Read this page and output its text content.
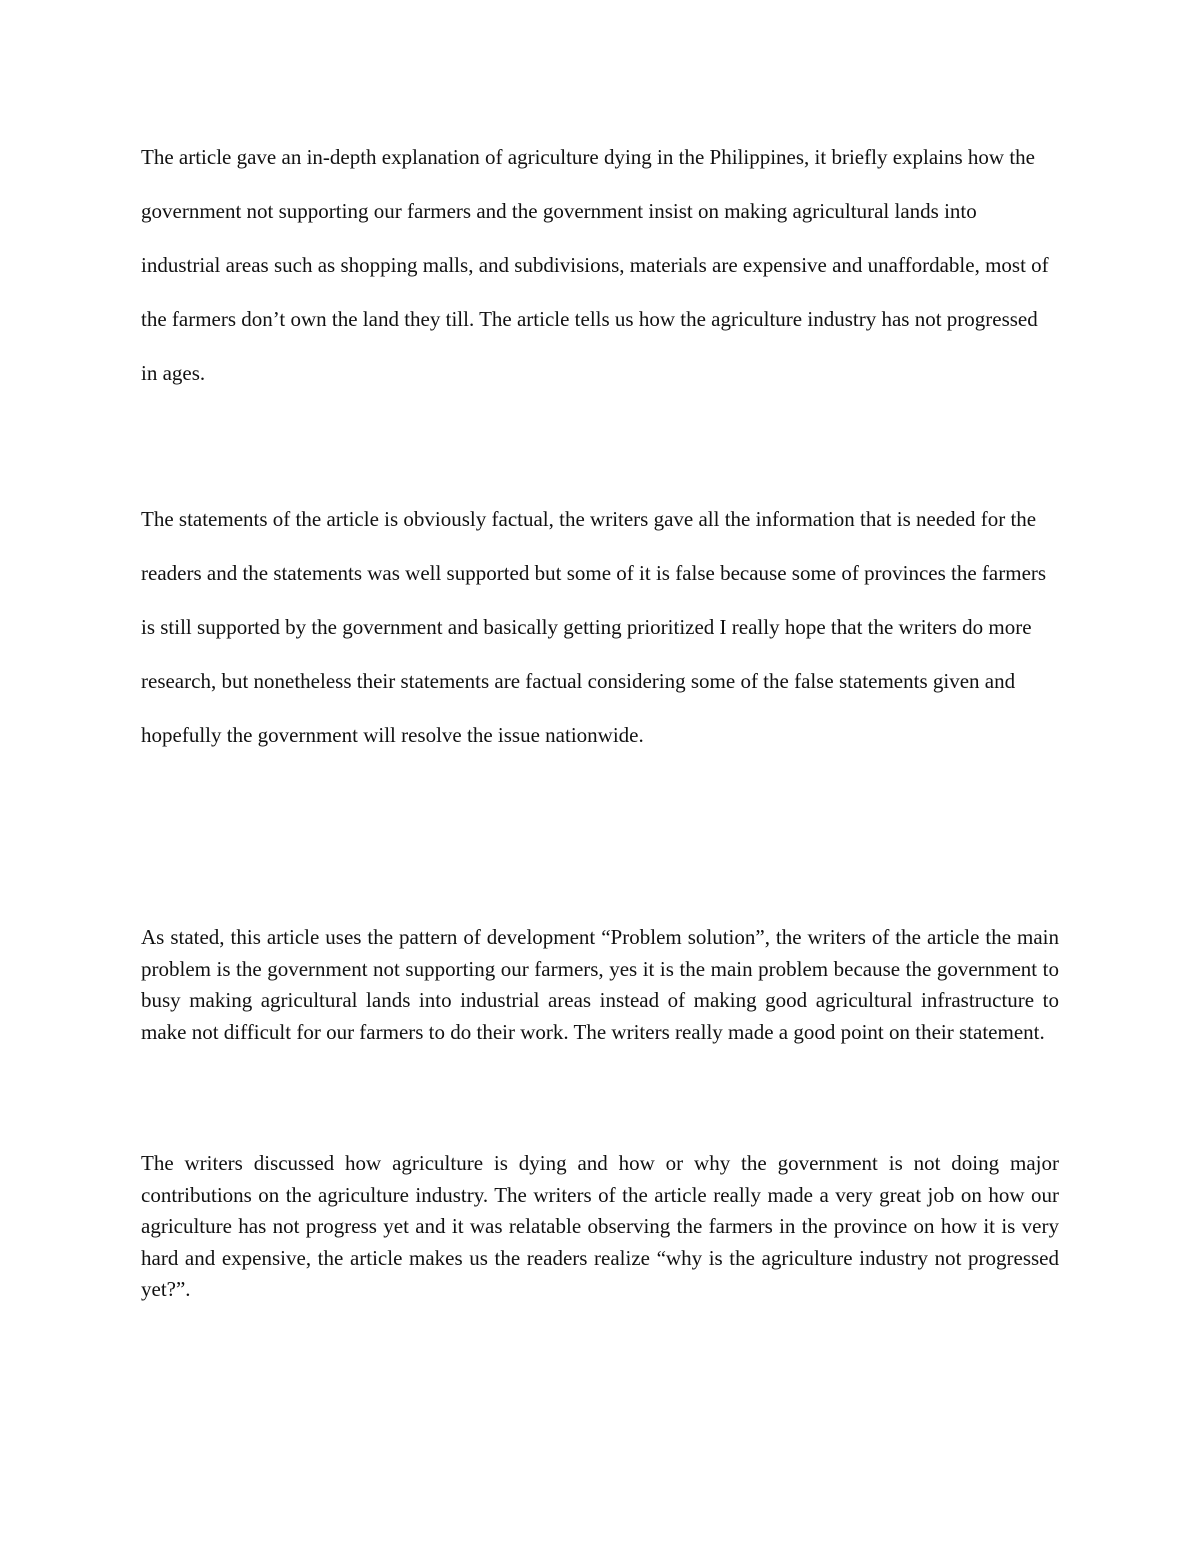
The article gave an in-depth explanation of agriculture dying in the Philippines, it briefly explains how the government not supporting our farmers and the government insist on making agricultural lands into industrial areas such as shopping malls, and subdivisions, materials are expensive and unaffordable, most of the farmers don’t own the land they till. The article tells us how the agriculture industry has not progressed in ages.

The statements of the article is obviously factual, the writers gave all the information that is needed for the readers and the statements was well supported but some of it is false because some of provinces the farmers is still supported by the government and basically getting prioritized I really hope that the writers do more research, but nonetheless their statements are factual considering some of the false statements given and hopefully the government will resolve the issue nationwide.

As stated, this article uses the pattern of development “Problem solution”, the writers of the article the main problem is the government not supporting our farmers, yes it is the main problem because the government to busy making agricultural lands into industrial areas instead of making good agricultural infrastructure to make not difficult for our farmers to do their work. The writers really made a good point on their statement.

The writers discussed how agriculture is dying and how or why the government is not doing major contributions on the agriculture industry. The writers of the article really made a very great job on how our agriculture has not progress yet and it was relatable observing the farmers in the province on how it is very hard and expensive, the article makes us the readers realize “why is the agriculture industry not progressed yet?”.
